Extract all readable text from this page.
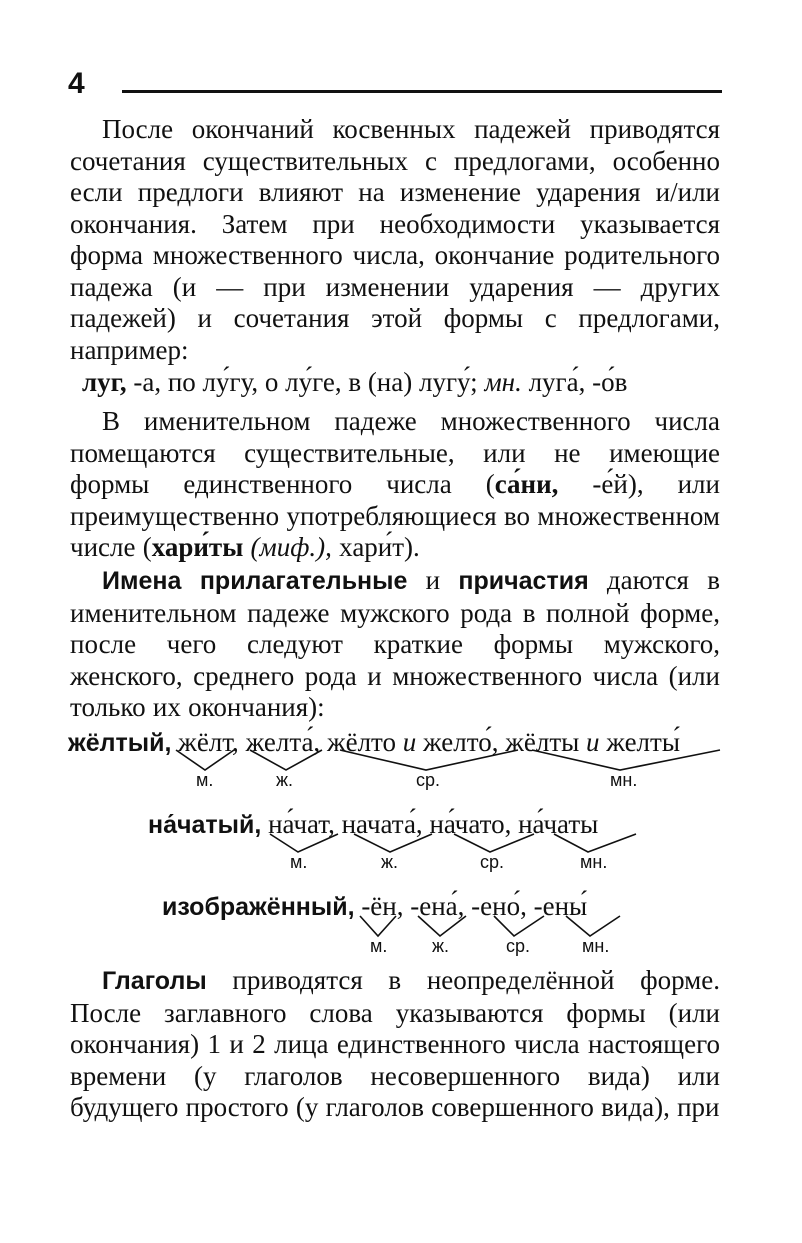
4

После окончаний косвенных падежей приводятся сочетания существительных с предлогами, особенно если предлоги влияют на изменение ударения и/или окончания. Затем при необходимости указывается форма множественного числа, окончание родительного падежа (и — при изменении ударения — других падежей) и сочетания этой формы с предлогами, например:

луг, -а, по лу́гу, о лу́ге, в (на) лугу́; мн. луга́, -о́в

В именительном падеже множественного числа помещаются существительные, или не имеющие формы единственного числа (са́ни, -е́й), или преимущественно употребляющиеся во множественном числе (хари́ты (миф.), хари́т).

Имена прилагательные и причастия даются в именительном падеже мужского рода в полной форме, после чего следуют краткие формы мужского, женского, среднего рода и множественного числа (или только их окончания):

жёлтый, жёлт, желта́, жёлто и желто́, жёлты и желты́
м.	ж.	ср.	мн.
на́чатый, на́чат, начата́, на́чато, на́чаты
м.	ж.	ср.	мн.
изображённый, -ён, -ена́, -ено́, -ены́
м. ж.	ср.	мн.

Глаголы приводятся в неопределённой форме. После заглавного слова указываются формы (или окончания) 1 и 2 лица единственного числа настоящего времени (у глаголов несовершенного вида) или будущего простого (у глаголов совершенного вида), при
